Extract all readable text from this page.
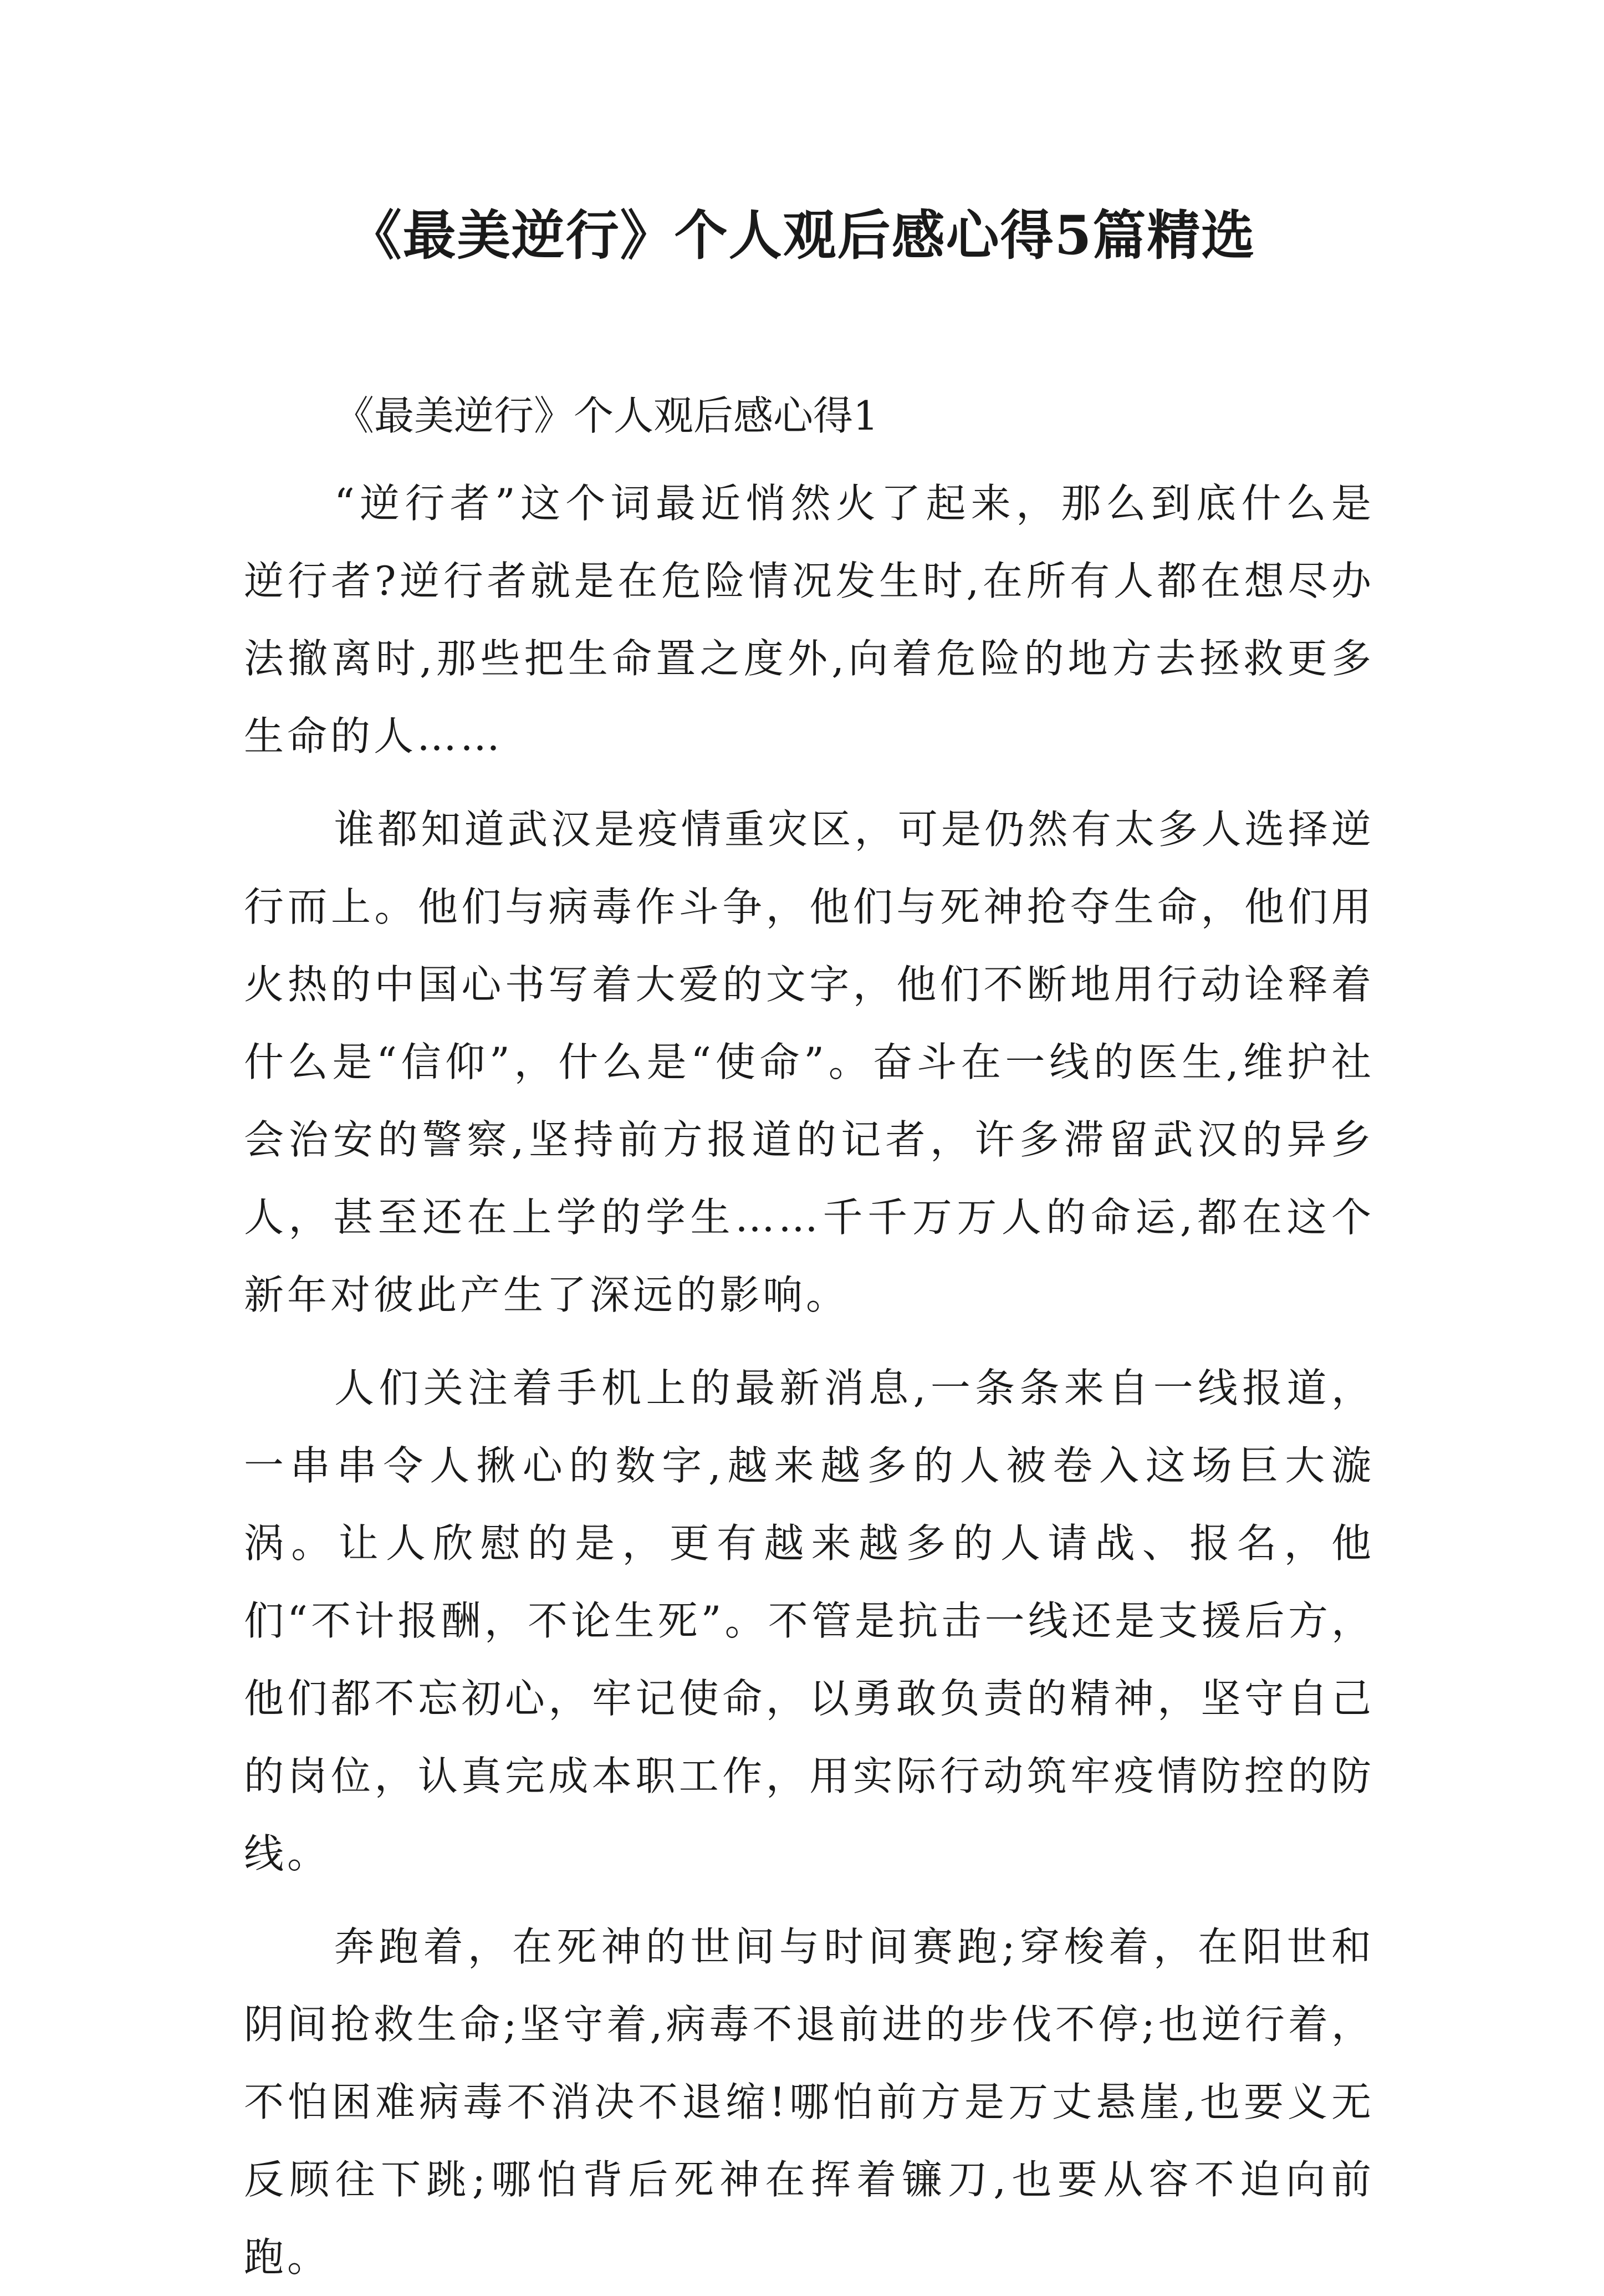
《最美逆行》个人观后感心得5篇精选
《最美逆行》个人观后感心得1

“逆行者”这个词最近悄然火了起来，那么到底什么是逆行者?逆行者就是在危险情况发生时,在所有人都在想尽办法撤离时,那些把生命置之度外,向着危险的地方去拯救更多生命的人……

谁都知道武汉是疫情重灾区，可是仍然有太多人选择逆行而上。他们与病毒作斗争，他们与死神抢夺生命，他们用火热的中国心书写着大爱的文字，他们不断地用行动诠释着什么是“信仰”，什么是“使命”。奋斗在一线的医生,维护社会治安的警察,坚持前方报道的记者，许多滞留武汉的异乡人，甚至还在上学的学生……千千万万人的命运,都在这个新年对彼此产生了深远的影响。

人们关注着手机上的最新消息,一条条来自一线报道，一串串令人揪心的数字,越来越多的人被卷入这场巨大漩涡。让人欣慰的是，更有越来越多的人请战、报名，他们“不计报酬，不论生死”。不管是抗击一线还是支援后方，他们都不忘初心，牢记使命，以勇敢负责的精神，坚守自己的岗位，认真完成本职工作，用实际行动筑牢疫情防控的防线。

奔跑着，在死神的世间与时间赛跑;穿梭着，在阳世和阴间抢救生命;坚守着,病毒不退前进的步伐不停;也逆行着，不怕困难病毒不消决不退缩!哪怕前方是万丈悬崖,也要义无反顾往下跳;哪怕背后死神在挥着镰刀,也要从容不迫向前跑。
